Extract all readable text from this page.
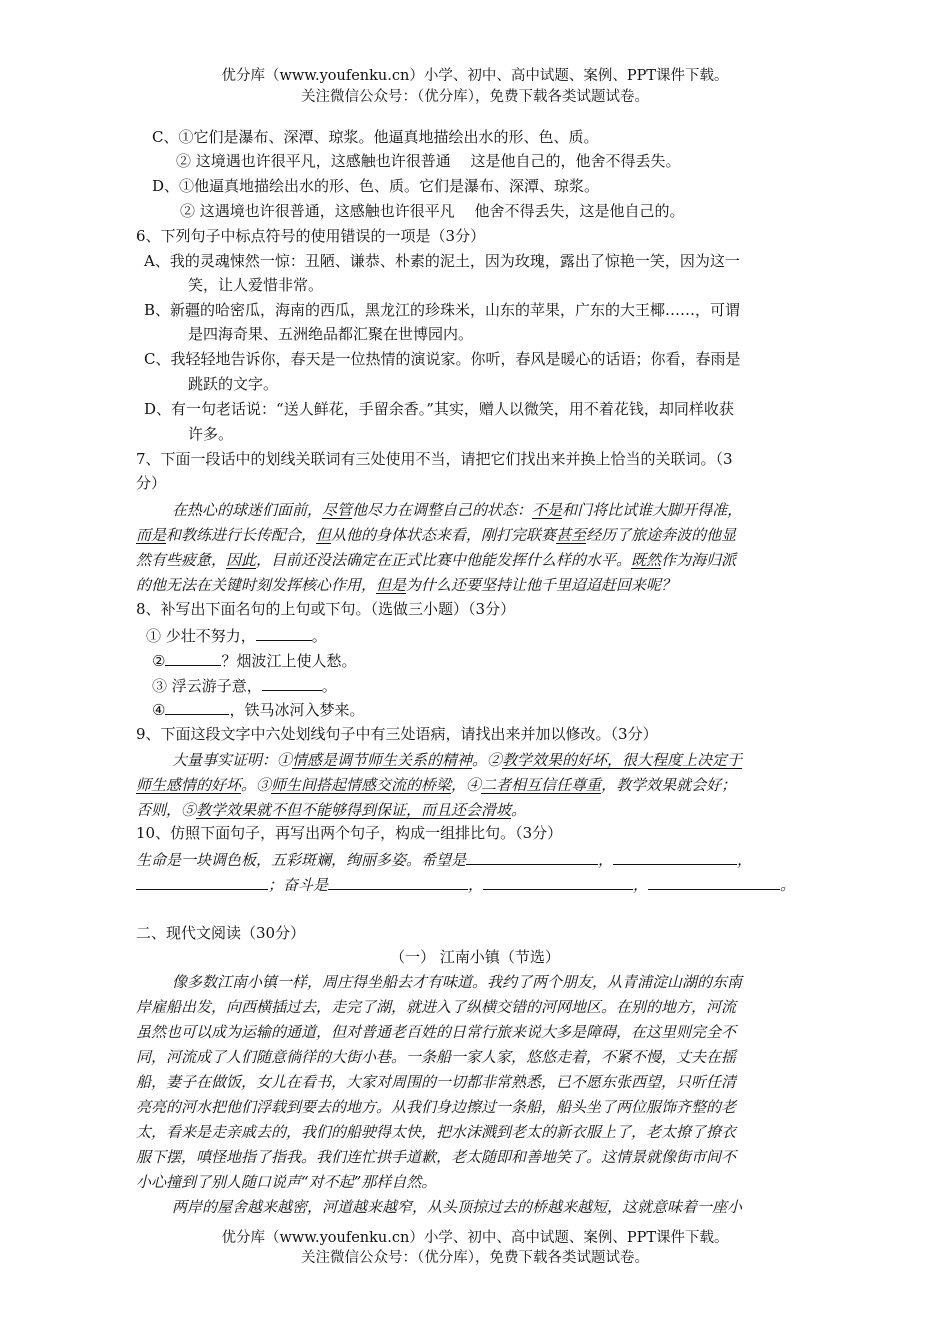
优分库（www.youfenku.cn）小学、初中、高中试题、案例、PPT课件下载。
关注微信公众号：（优分库），免费下载各类试题试卷。
C、①它们是瀑布、深潭、琼浆。他逼真地描绘出水的形、色、质。
② 这境遇也许很平凡，这感触也许很普通　 这是他自己的，他舍不得丢失。
D、①他逼真地描绘出水的形、色、质。它们是瀑布、深潭、琼浆。
② 这遇境也许很普通，这感触也许很平凡　 他舍不得丢失，这是他自己的。
6、下列句子中标点符号的使用错误的一项是（3分）
A、我的灵魂悚然一惊：丑陋、谦恭、朴素的泥土，因为玫瑰，露出了惊艳一笑，因为这一
笑，让人爱惜非常。
B、新疆的哈密瓜，海南的西瓜，黑龙江的珍珠米，山东的苹果，广东的大王椰……，可谓
是四海奇果、五洲绝品都汇聚在世博园内。
C、我轻轻地告诉你，春天是一位热情的演说家。你听，春风是暖心的话语；你看，春雨是
跳跃的文字。
D、有一句老话说：“送人鲜花，手留余香。”其实，赠人以微笑，用不着花钱，却同样收获
许多。
7、下面一段话中的划线关联词有三处使用不当，请把它们找出来并换上恰当的关联词。（3
分）
在热心的球迷们面前，尽管他尽力在调整自己的状态：不是和门将比试谁大脚开得准，
而是和教练进行长传配合，但从他的身体状态来看，刚打完联赛甚至经历了旅途奔波的他显
然有些疲惫，因此，目前还没法确定在正式比赛中他能发挥什么样的水平。既然作为海归派
的他无法在关键时刻发挥核心作用，但是为什么还要坚持让他千里迢迢赶回来呢？
8、补写出下面名句的上句或下句。（选做三小题）（3分）
① 少壮不努力，	。
②	？烟波江上使人愁。
③ 浮云游子意，	。
④	，铁马冰河入梦来。
9、下面这段文字中六处划线句子中有三处语病，请找出来并加以修改。（3分）
大量事实证明：①情感是调节师生关系的精神。②教学效果的好坏，很大程度上决定于
师生感情的好坏。③师生间搭起情感交流的桥梁，④二者相互信任尊重，教学效果就会好；
否则，⑤教学效果就不但不能够得到保证，而且还会滑坡。
10、仿照下面句子，再写出两个句子，构成一组排比句。（3分）
生命是一块调色板，五彩斑斓，绚丽多姿。希望是	，	，
；奋斗是	，	，	。
二、现代文阅读（30分）
（一） 江南小镇（节选）
像多数江南小镇一样，周庄得坐船去才有味道。我约了两个朋友，从青浦淀山湖的东南
岸雇船出发，向西横插过去，走完了湖，就进入了纵横交错的河网地区。在别的地方，河流
虽然也可以成为运输的通道，但对普通老百姓的日常行旅来说大多是障碍，在这里则完全不
同，河流成了人们随意徜徉的大街小巷。一条船一家人家，悠悠走着，不紧不慢，丈夫在摇
船，妻子在做饭，女儿在看书，大家对周围的一切都非常熟悉，已不愿东张西望，只听任清
亮亮的河水把他们浮载到要去的地方。从我们身边擦过一条船，船头坐了两位服饰齐整的老
太，看来是走亲戚去的，我们的船驶得太快，把水沫溅到老太的新衣服上了，老太撩了撩衣
服下摆，嗔怪地指了指我。我们连忙拱手道歉，老太随即和善地笑了。这情景就像街市间不
小心撞到了别人随口说声“对不起”那样自然。
两岸的屋舍越来越密，河道越来越窄，从头顶掠过去的桥越来越短，这就意味着一座小
优分库（www.youfenku.cn）小学、初中、高中试题、案例、PPT课件下载。
关注微信公众号：（优分库），免费下载各类试题试卷。
